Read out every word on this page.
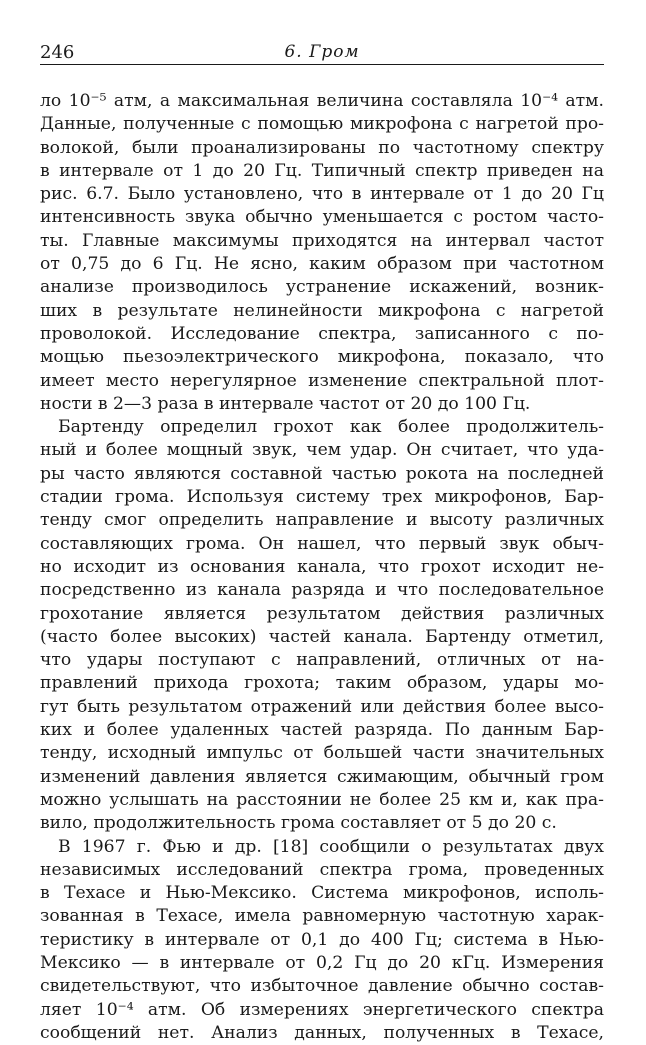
246	6. Гром
ло 10⁻⁵ атм, а максимальная величина составляла 10⁻⁴ атм.
Данные, полученные с помощью микрофона с нагретой про-
волокой, были проанализированы по частотному спектру
в интервале от 1 до 20 Гц. Типичный спектр приведен на
рис. 6.7. Было установлено, что в интервале от 1 до 20 Гц
интенсивность звука обычно уменьшается с ростом часто-
ты. Главные максимумы приходятся на интервал частот
от 0,75 до 6 Гц. Не ясно, каким образом при частотном
анализе производилось устранение искажений, возник-
ших в результате нелинейности микрофона с нагретой
проволокой. Исследование спектра, записанного с по-
мощью пьезоэлектрического микрофона, показало, что
имеет место нерегулярное изменение спектральной плот-
ности в 2—3 раза в интервале частот от 20 до 100 Гц.
Бартенду определил грохот как более продолжитель-
ный и более мощный звук, чем удар. Он считает, что уда-
ры часто являются составной частью рокота на последней
стадии грома. Используя систему трех микрофонов, Бар-
тенду смог определить направление и высоту различных
составляющих грома. Он нашел, что первый звук обыч-
но исходит из основания канала, что грохот исходит не-
посредственно из канала разряда и что последовательное
грохотание является результатом действия различных
(часто более высоких) частей канала. Бартенду отметил,
что удары поступают с направлений, отличных от на-
правлений прихода грохота; таким образом, удары мо-
гут быть результатом отражений или действия более высо-
ких и более удаленных частей разряда. По данным Бар-
тенду, исходный импульс от большей части значительных
изменений давления является сжимающим, обычный гром
можно услышать на расстоянии не более 25 км и, как пра-
вило, продолжительность грома составляет от 5 до 20 с.
В 1967 г. Фью и др. [18] сообщили о результатах двух
независимых исследований спектра грома, проведенных
в Техасе и Нью-Мексико. Система микрофонов, исполь-
зованная в Техасе, имела равномерную частотную харак-
теристику в интервале от 0,1 до 400 Гц; система в Нью-
Мексико — в интервале от 0,2 Гц до 20 кГц. Измерения
свидетельствуют, что избыточное давление обычно состав-
ляет 10⁻⁴ атм. Об измерениях энергетического спектра
сообщений нет. Анализ данных, полученных в Техасе,
